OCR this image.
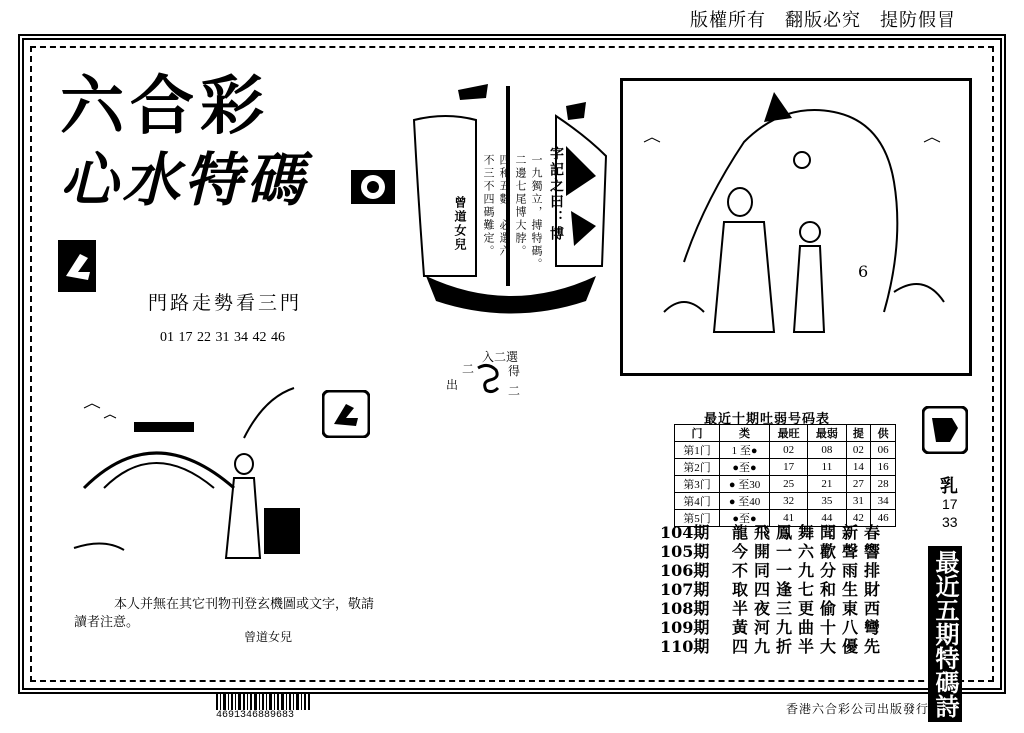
版權所有　翻版必究　提防假冒
六合彩
心水特碼
門路走勢看三門
01 17 22 31 34 42 46
字記之曰：博
一九獨立，搏特碼。
二邊七尾博大脖。
四和五數，必選六。
不三不四碼難定。
曾道女兒
入二選
二	得
出	二
6
本人并無在其它刊物刊登玄機圖或文字，敬請讀者注意。
曾道女兒
4691346889683
最近十期吐弱号码表
门	类	最旺	最弱	提	供
第1门	1 至●	02	08	02	06
第2门	●至●	17	11	14	16
第3门	● 至30	25	21	27	28
第4门	● 至40	32	35	31	34
第5门	●至●	41	44	42	46
乳
17
33
最近五期特碼詩
104期	龍飛鳳舞聞新春
105期	今開一六歡聲響
106期	不同一九分雨排
107期	取四逢七和生財
108期	半夜三更偷東西
109期	黃河九曲十八彎
110期	四九折半大優先
香港六合彩公司出版發行
